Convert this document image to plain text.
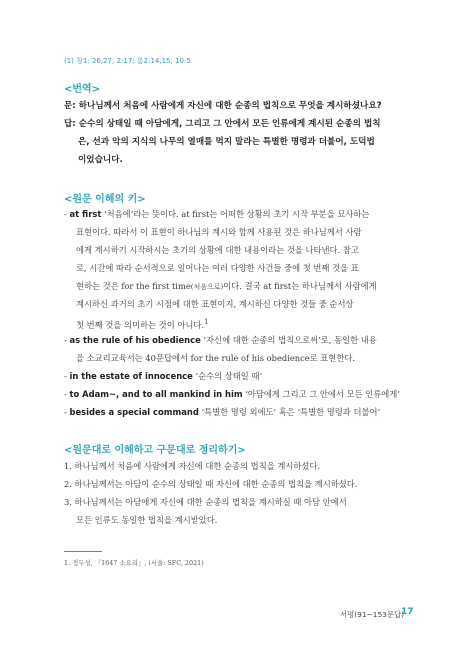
(1) 창1: 26,27; 2:17; 롬2:14,15; 10:5.
<번역>
문: 하나님께서 처음에 사람에게 자신에 대한 순종의 법칙으로 무엇을 계시하셨나요?
답: 순수의 상태일 때 아담에게, 그리고 그 안에서 모든 인류에게 계시된 순종의 법칙
은, 선과 악의 지식의 나무의 열매를 먹지 말라는 특별한 명령과 더불어, 도덕법
이었습니다.
<원문 이해의 키>
- at first ‘처음에’라는 뜻이다. at first는 어떠한 상황의 초기 시작 부분을 묘사하는
표현이다. 따라서 이 표현이 하나님의 계시와 함께 사용된 것은 하나님께서 사람
에게 계시하기 시작하시는 초기의 상황에 대한 내용이라는 것을 나타낸다. 참고
로, 시간에 따라 순서적으로 일어나는 여러 다양한 사건들 중에 첫 번째 것을 표
현하는 것은 for the first time(처음으로)이다. 결국 at first는 하나님께서 사람에게
계시하신 과거의 초기 시점에 대한 표현이지, 계시하신 다양한 것들 중 순서상
첫 번째 것을 의미하는 것이 아니다.$^1$
- as the rule of his obedience ‘자신에 대한 순종의 법칙으로써’로, 동일한 내용
을 소교리교육서는 40문답에서 for the rule of his obedience로 표현한다.
- in the estate of innocence ‘순수의 상태일 때’
- to Adam~, and to all mankind in him ‘아담에게 그리고 그 안에서 모든 인류에게’
- besides a special command ‘특별한 명령 외에도’ 혹은 ‘특별한 명령과 더불어’
<원문대로 이해하고 구문대로 정리하기>
1. 하나님께서 처음에 사람에게 자신에 대한 순종의 법칙을 계시하셨다.
2. 하나님께서는 아담이 순수의 상태일 때 자신에 대한 순종의 법칙을 계시하셨다.
3. 하나님께서는 아담에게 자신에 대한 순종의 법칙을 계시하실 때 아담 안에서
모든 인류도 동일한 법칙을 계시받았다.
1. 정두성, 『1647 소요리』, (서울: SFC, 2021)
서평(91~153문답)
17
